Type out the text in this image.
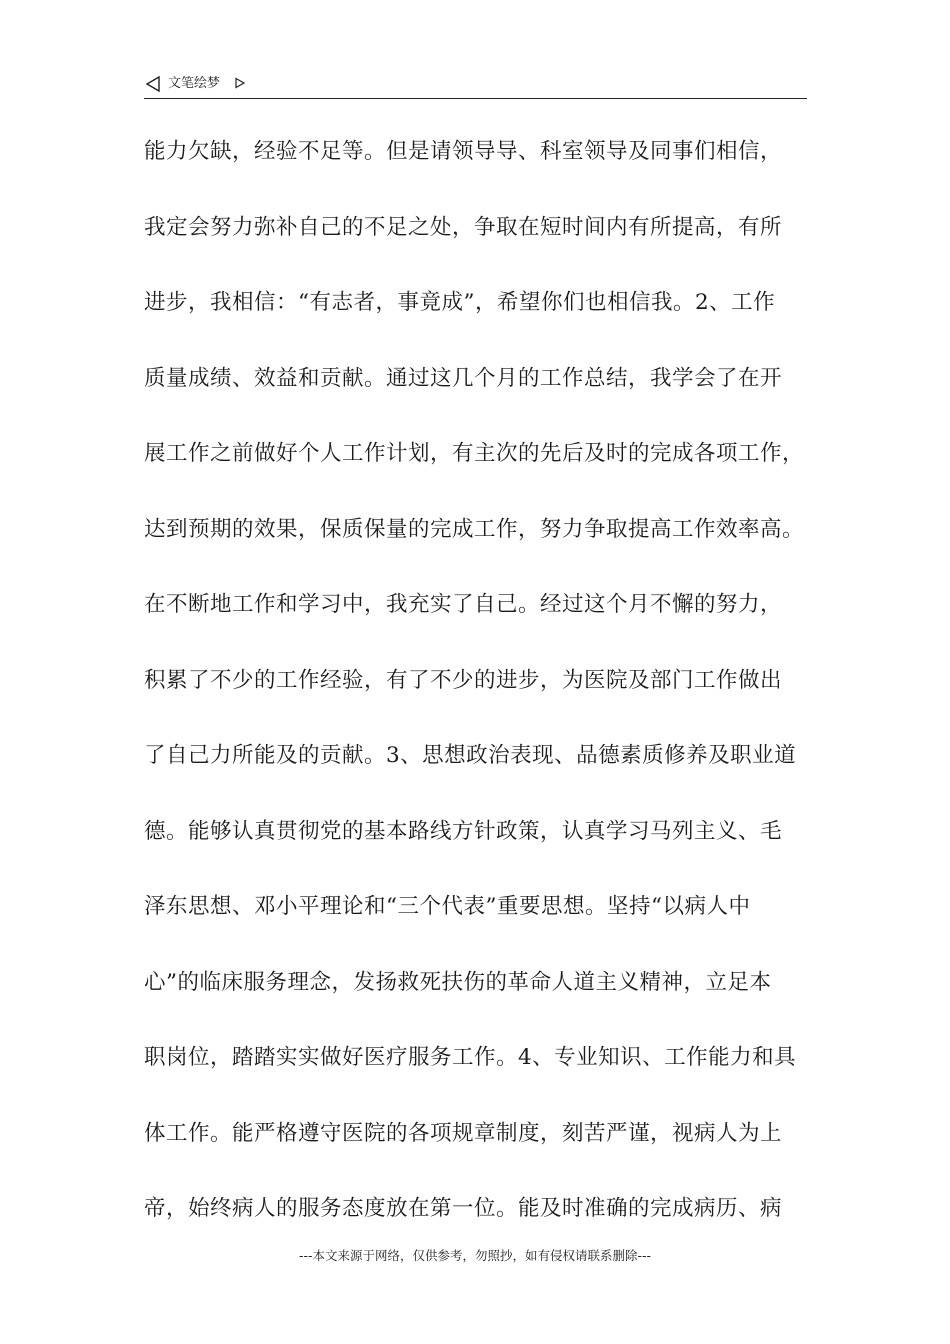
文笔绘梦
能力欠缺，经验不足等。但是请领导导、科室领导及同事们相信，
我定会努力弥补自己的不足之处，争取在短时间内有所提高，有所
进步，我相信：“有志者，事竟成”，希望你们也相信我。2、工作
质量成绩、效益和贡献。通过这几个月的工作总结，我学会了在开
展工作之前做好个人工作计划，有主次的先后及时的完成各项工作，
达到预期的效果，保质保量的完成工作，努力争取提高工作效率高。
在不断地工作和学习中，我充实了自己。经过这个月不懈的努力，
积累了不少的工作经验，有了不少的进步，为医院及部门工作做出
了自己力所能及的贡献。3、思想政治表现、品德素质修养及职业道
德。能够认真贯彻党的基本路线方针政策，认真学习马列主义、毛
泽东思想、邓小平理论和“三个代表”重要思想。坚持“以病人中
心”的临床服务理念，发扬救死扶伤的革命人道主义精神，立足本
职岗位，踏踏实实做好医疗服务工作。4、专业知识、工作能力和具
体工作。能严格遵守医院的各项规章制度，刻苦严谨，视病人为上
帝，始终病人的服务态度放在第一位。能及时准确的完成病历、病
---本文来源于网络，仅供参考，勿照抄，如有侵权请联系删除---
